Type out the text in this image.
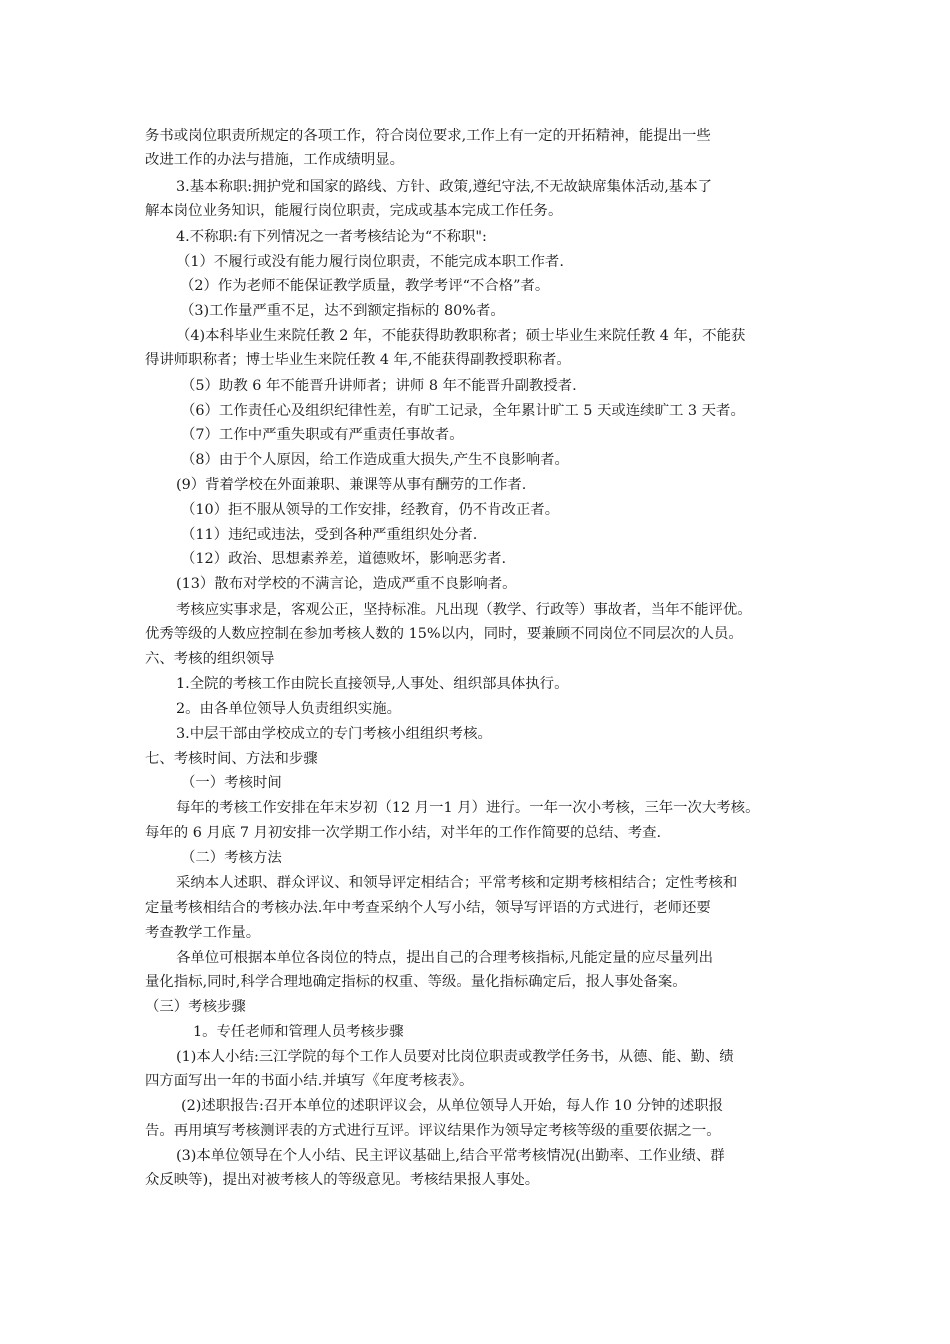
务书或岗位职责所规定的各项工作，符合岗位要求,工作上有一定的开拓精神，能提出一些
改进工作的办法与措施，工作成绩明显。
3.基本称职:拥护党和国家的路线、方针、政策,遵纪守法,不无故缺席集体活动,基本了
解本岗位业务知识，能履行岗位职责，完成或基本完成工作任务。
4.不称职:有下列情况之一者考核结论为“不称职":
（1）不履行或没有能力履行岗位职责，不能完成本职工作者.
（2）作为老师不能保证教学质量，教学考评“不合格”者。
（3)工作量严重不足，达不到额定指标的 80%者。
（4)本科毕业生来院任教 2 年，不能获得助教职称者；硕士毕业生来院任教 4 年，不能获
得讲师职称者；博士毕业生来院任教 4 年,不能获得副教授职称者。
（5）助教 6 年不能晋升讲师者；讲师 8 年不能晋升副教授者.
（6）工作责任心及组织纪律性差，有旷工记录，全年累计旷工 5 天或连续旷工 3 天者。
（7）工作中严重失职或有严重责任事故者。
（8）由于个人原因，给工作造成重大损失,产生不良影响者。
(9）背着学校在外面兼职、兼课等从事有酬劳的工作者.
（10）拒不服从领导的工作安排，经教育，仍不肯改正者。
（11）违纪或违法，受到各种严重组织处分者.
（12）政治、思想素养差，道德败坏，影响恶劣者.
(13）散布对学校的不满言论，造成严重不良影响者。
考核应实事求是，客观公正，坚持标准。凡出现（教学、行政等）事故者，当年不能评优。
优秀等级的人数应控制在参加考核人数的 15%以内，同时，要兼顾不同岗位不同层次的人员。
六、考核的组织领导
1.全院的考核工作由院长直接领导,人事处、组织部具体执行。
2。由各单位领导人负责组织实施。
3.中层干部由学校成立的专门考核小组组织考核。
七、考核时间、方法和步骤
（一）考核时间
每年的考核工作安排在年末岁初（12 月一1 月）进行。一年一次小考核，三年一次大考核。
每年的 6 月底 7 月初安排一次学期工作小结，对半年的工作作简要的总结、考查.
（二）考核方法
采纳本人述职、群众评议、和领导评定相结合；平常考核和定期考核相结合；定性考核和
定量考核相结合的考核办法.年中考查采纳个人写小结，领导写评语的方式进行，老师还要
考查教学工作量。
各单位可根据本单位各岗位的特点，提出自己的合理考核指标,凡能定量的应尽量列出
量化指标,同时,科学合理地确定指标的权重、等级。量化指标确定后，报人事处备案。
（三）考核步骤
1。专任老师和管理人员考核步骤
(1)本人小结:三江学院的每个工作人员要对比岗位职责或教学任务书，从德、能、勤、绩
四方面写出一年的书面小结.并填写《年度考核表》。
(2)述职报告:召开本单位的述职评议会，从单位领导人开始，每人作 10 分钟的述职报
告。再用填写考核测评表的方式进行互评。评议结果作为领导定考核等级的重要依据之一。
(3)本单位领导在个人小结、民主评议基础上,结合平常考核情况(出勤率、工作业绩、群
众反映等)，提出对被考核人的等级意见。考核结果报人事处。
